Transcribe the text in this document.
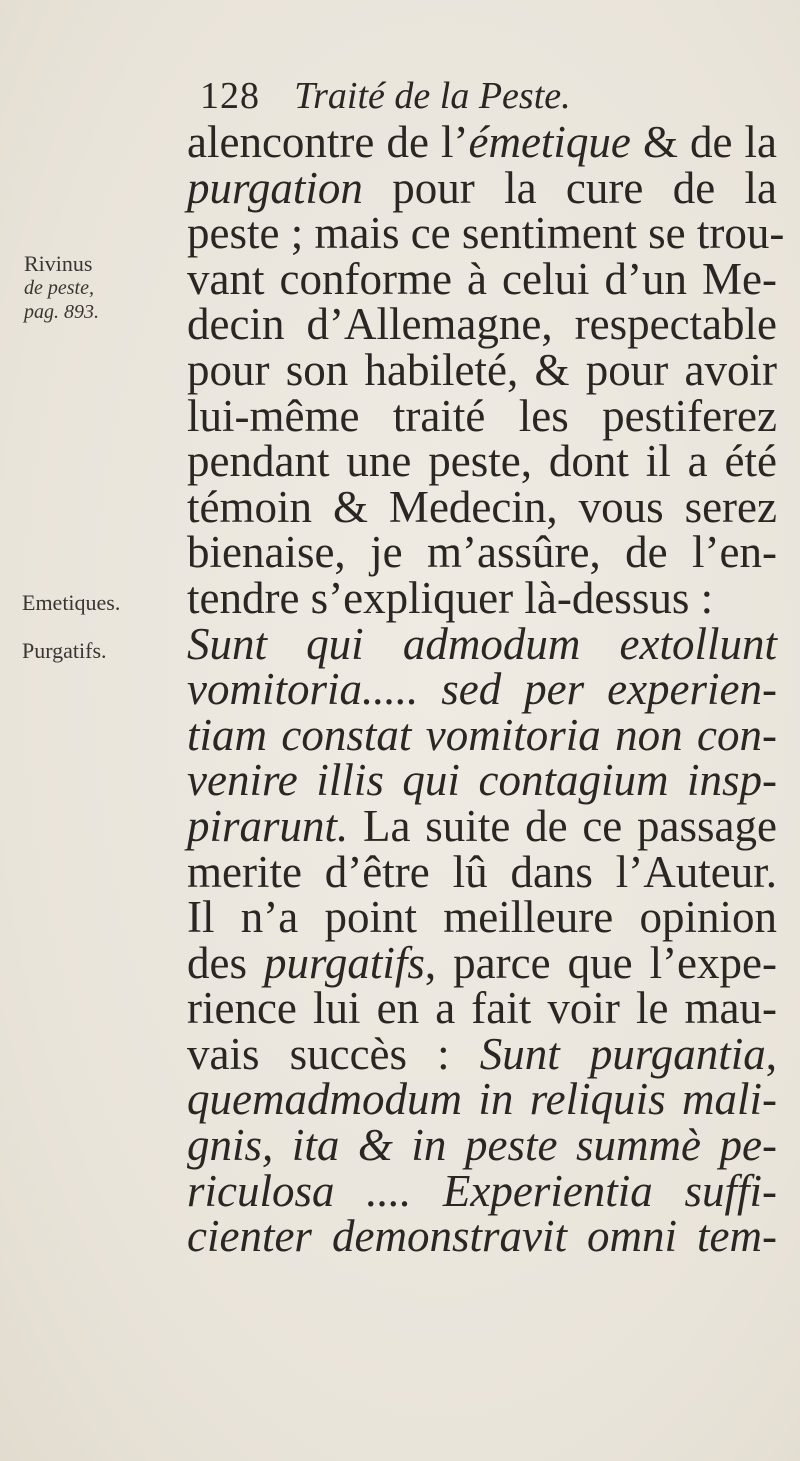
128 Traité de la Peste.
Rivinus
de peste,
pag. 893.
Emetiques.
Purgatifs.
alencontre de l’émetique & de la
purgation pour la cure de la
peste ; mais ce sentiment se trou-
vant conforme à celui d’un Me-
decin d’Allemagne, respectable
pour son habileté, & pour avoir
lui-même traité les pestiferez
pendant une peste, dont il a été
témoin & Medecin, vous serez
bienaise, je m’assûre, de l’en-
tendre s’expliquer là-dessus :
Sunt qui admodum extollunt
vomitoria..... sed per experien-
tiam constat vomitoria non con-
venire illis qui contagium insp-
pirarunt. La suite de ce passage
merite d’être lû dans l’Auteur.
Il n’a point meilleure opinion
des purgatifs, parce que l’expe-
rience lui en a fait voir le mau-
vais succès : Sunt purgantia,
quemadmodum in reliquis mali-
gnis, ita & in peste summè pe-
riculosa .... Experientia suffi-
cienter demonstravit omni tem-
